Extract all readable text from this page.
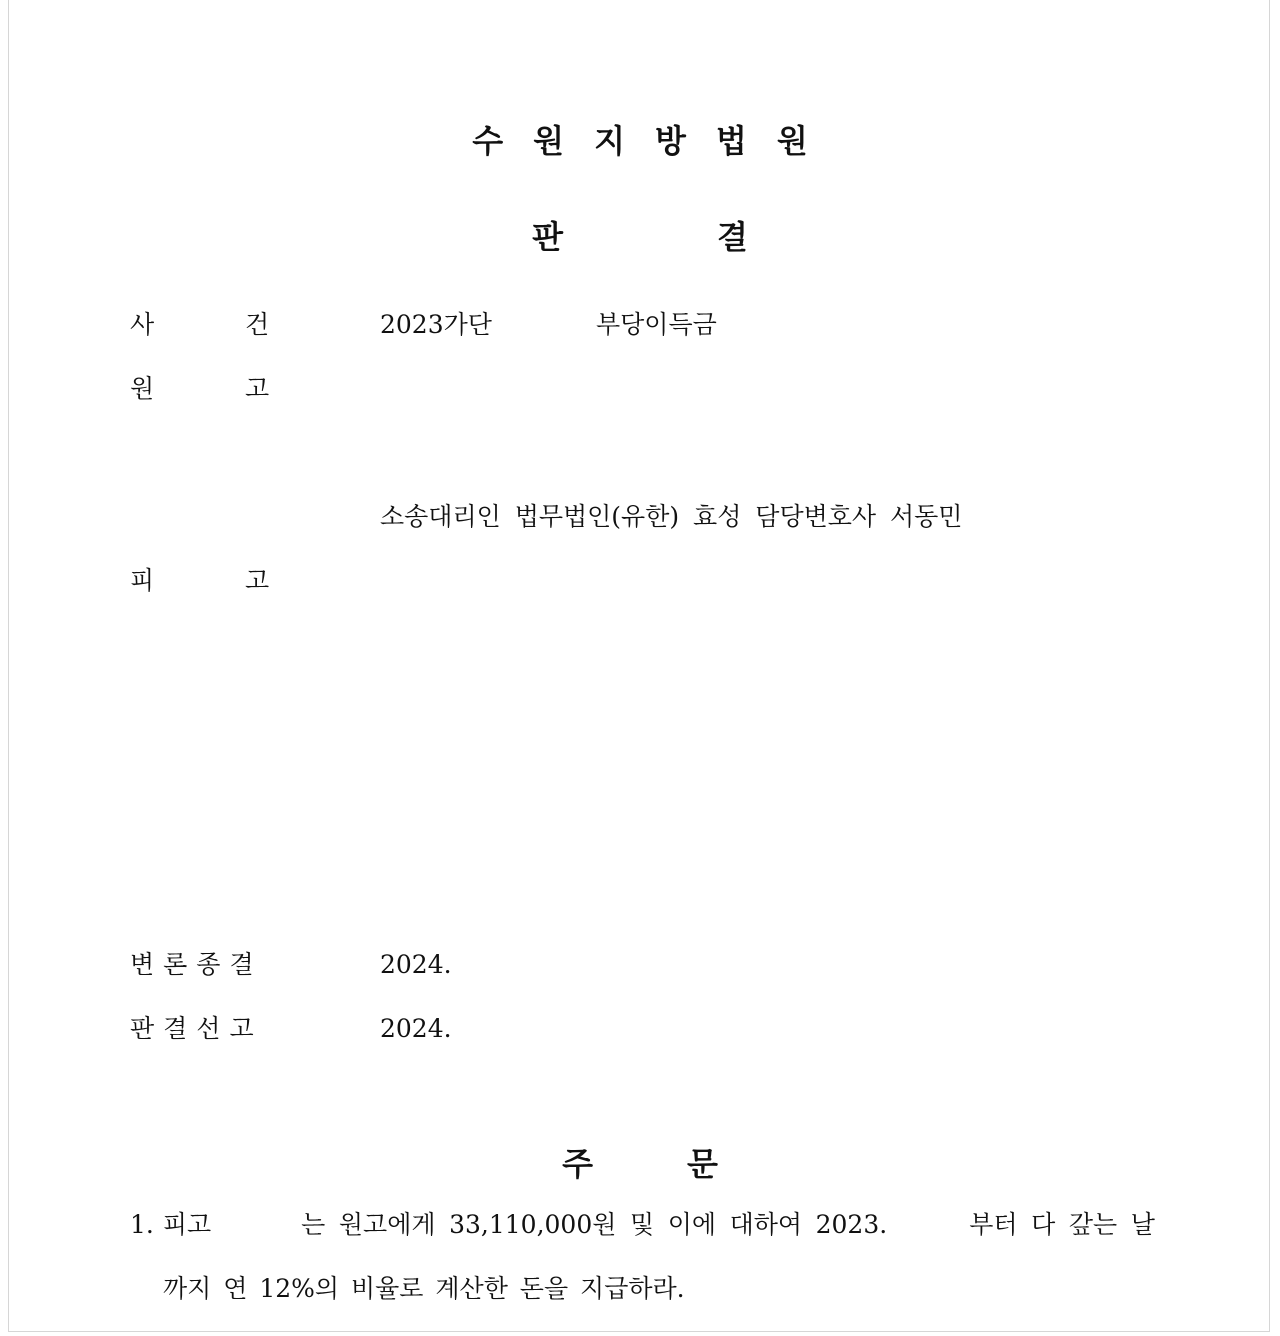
수 원 지 방 법 원
판	결
사	건	2023가단	부당이득금
원	고
소송대리인 법무법인(유한) 효성 담당변호사 서동민
피	고
변론종결	2024.
판결선고	2024.
주	문
1. 피고	는 원고에게 33,110,000원 및 이에 대하여 2023.	부터 다 갚는 날
까지 연 12%의 비율로 계산한 돈을 지급하라.
